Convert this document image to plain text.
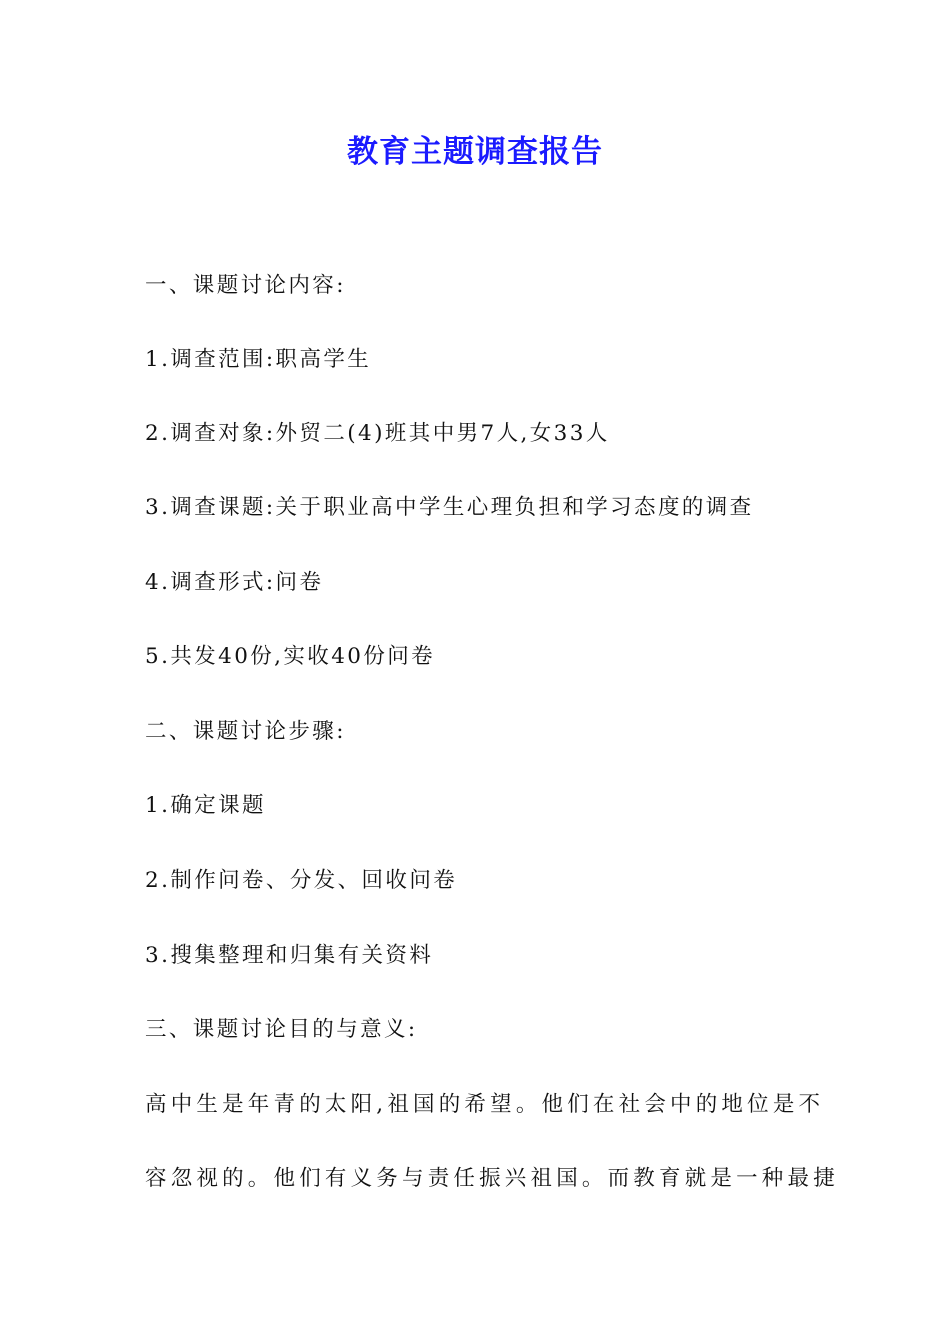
教育主题调查报告
一、课题讨论内容:
1.调查范围:职高学生
2.调查对象:外贸二(4)班其中男7人,女33人
3.调查课题:关于职业高中学生心理负担和学习态度的调查
4.调查形式:问卷
5.共发40份,实收40份问卷
二、课题讨论步骤:
1.确定课题
2.制作问卷、分发、回收问卷
3.搜集整理和归集有关资料
三、课题讨论目的与意义:
高中生是年青的太阳,祖国的希望。他们在社会中的地位是不
容忽视的。他们有义务与责任振兴祖国。而教育就是一种最捷
